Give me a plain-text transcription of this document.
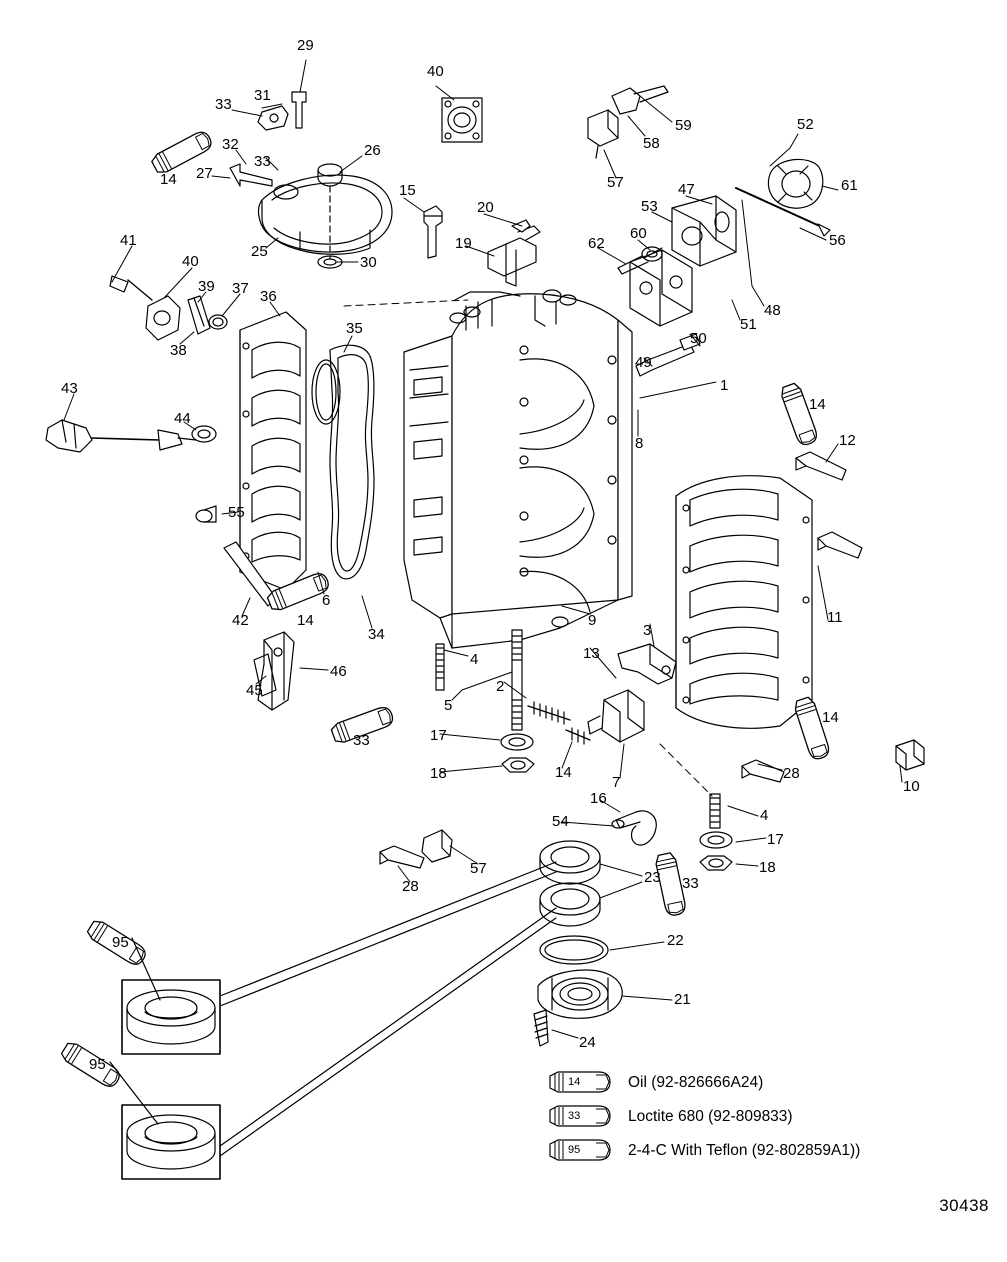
29
40
33
31
59
58
52
32
33
26
27
61
47
57
15
14
53
20
56
19
60
62
25
30
41
48
51
40
39 37 36
50
35
38
49
1
43
14
12
44
8
55
11
6
14
42
34
9
3
45
46
4	13
14
5
2
33	17
14
7
28
10
18
16
4
54
17
57	18
28
23 33
22
95
21
24
95
14	Oil (92-826666A24)
33	Loctite 680 (92-809833)
95	2-4-C With Teflon (92-802859A1))
30438
